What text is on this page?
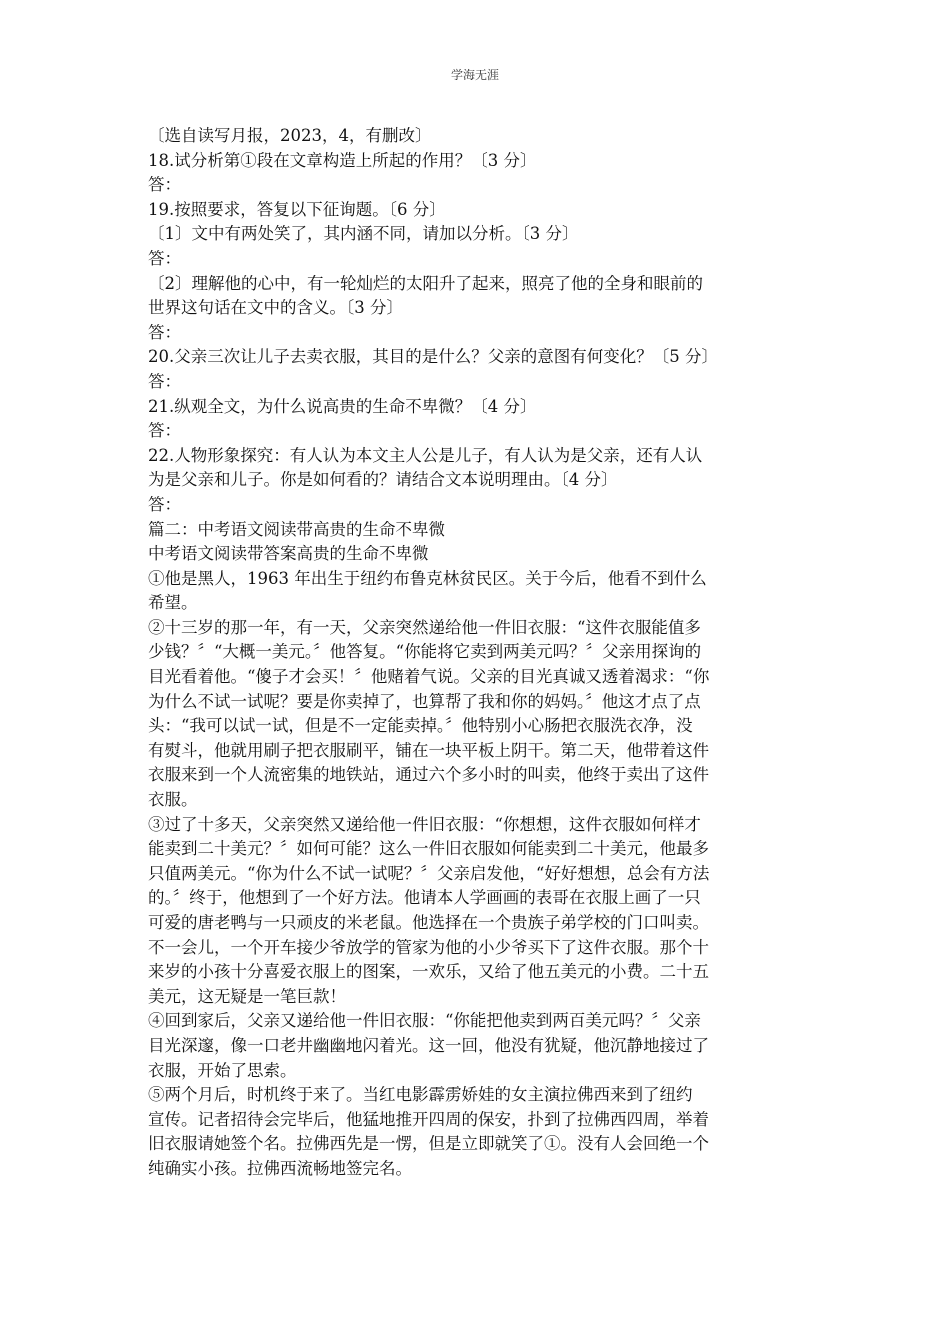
学海无涯
〔选自读写月报，2023，4，有删改〕
18.试分析第①段在文章构造上所起的作用？〔3 分〕
答：
19.按照要求，答复以下征询题。〔6 分〕
〔1〕文中有两处笑了，其内涵不同，请加以分析。〔3 分〕
答：
〔2〕理解他的心中，有一轮灿烂的太阳升了起来，照亮了他的全身和眼前的
世界这句话在文中的含义。〔3 分〕
答：
20.父亲三次让儿子去卖衣服，其目的是什么？父亲的意图有何变化？〔5 分〕
答：
21.纵观全文，为什么说高贵的生命不卑微？〔4 分〕
答：
22.人物形象探究：有人认为本文主人公是儿子，有人认为是父亲，还有人认
为是父亲和儿子。你是如何看的？请结合文本说明理由。〔4 分〕
答：
篇二：中考语文阅读带高贵的生命不卑微
中考语文阅读带答案高贵的生命不卑微
①他是黑人，1963 年出生于纽约布鲁克林贫民区。关于今后，他看不到什么
希望。
②十三岁的那一年，有一天，父亲突然递给他一件旧衣服：“这件衣服能值多
少钱？〞“大概一美元。〞他答复。“你能将它卖到两美元吗？〞父亲用探询的
目光看着他。“傻子才会买！〞他赌着气说。父亲的目光真诚又透着渴求：“你
为什么不试一试呢？要是你卖掉了，也算帮了我和你的妈妈。〞他这才点了点
头：“我可以试一试，但是不一定能卖掉。〞他特别小心肠把衣服洗衣净，没
有熨斗，他就用刷子把衣服刷平，铺在一块平板上阴干。第二天，他带着这件
衣服来到一个人流密集的地铁站，通过六个多小时的叫卖，他终于卖出了这件
衣服。
③过了十多天，父亲突然又递给他一件旧衣服：“你想想，这件衣服如何样才
能卖到二十美元？〞如何可能？这么一件旧衣服如何能卖到二十美元，他最多
只值两美元。“你为什么不试一试呢？〞父亲启发他，“好好想想，总会有方法
的。〞终于，他想到了一个好方法。他请本人学画画的表哥在衣服上画了一只
可爱的唐老鸭与一只顽皮的米老鼠。他选择在一个贵族子弟学校的门口叫卖。
不一会儿，一个开车接少爷放学的管家为他的小少爷买下了这件衣服。那个十
来岁的小孩十分喜爱衣服上的图案，一欢乐，又给了他五美元的小费。二十五
美元，这无疑是一笔巨款！
④回到家后，父亲又递给他一件旧衣服：“你能把他卖到两百美元吗？〞父亲
目光深邃，像一口老井幽幽地闪着光。这一回，他没有犹疑，他沉静地接过了
衣服，开始了思索。
⑤两个月后，时机终于来了。当红电影霹雳娇娃的女主演拉佛西来到了纽约
宣传。记者招待会完毕后，他猛地推开四周的保安，扑到了拉佛西四周，举着
旧衣服请她签个名。拉佛西先是一愣，但是立即就笑了①。没有人会回绝一个
纯确实小孩。拉佛西流畅地签完名。
